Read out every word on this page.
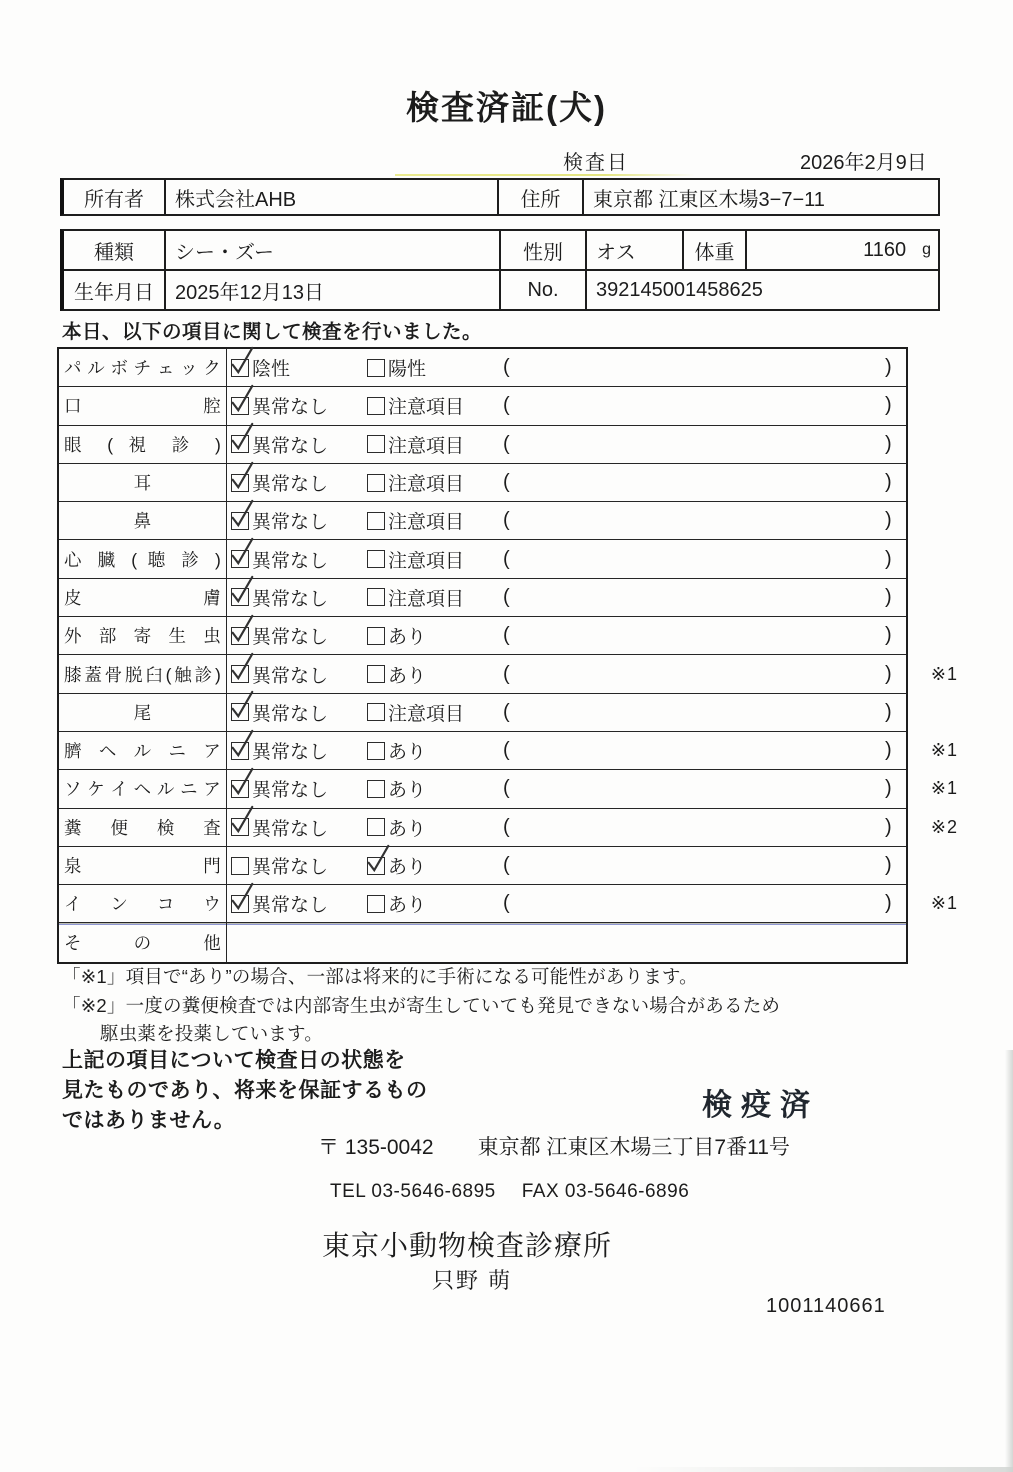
検査済証(犬)
検査日	2026年2月9日
所有者	株式会社AHB	住所	東京都 江東区木場3−7−11
種類	シー・ズー	性別	オス	体重	1160 g
生年月日	2025年12月13日	No.	392145001458625
本日、以下の項目に関して検査を行いました。
パ ル ボ チ ェ ッ ク 陰性	陽性	(	)
口 腔 異常なし	注意項目 (	)
眼 ( 視 診 ) 異常なし	注意項目 (	)
耳	異常なし	注意項目 (	)
鼻	異常なし	注意項目 (	)
心 臓 ( 聴 診 ) 異常なし	注意項目 (	)
皮 膚 異常なし	注意項目 (	)
外 部 寄 生 虫 異常なし	あり	(	)
膝蓋骨脱臼(触診) 異常なし	あり	(	) ※1
尾	異常なし	注意項目 (	)
臍 ヘ ル ニ ア 異常なし	あり	(	) ※1
ソ ケ イ ヘ ル ニ ア 異常なし	あり	(	) ※1
糞 便 検 査 異常なし	あり	(	) ※2
泉 門 異常なし	あり	(	)
イ ン コ ウ 異常なし	あり	(	) ※1
そ の 他
「※1」項目で“あり”の場合、一部は将来的に手術になる可能性があります。
「※2」一度の糞便検査では内部寄生虫が寄生していても発見できない場合があるため
駆虫薬を投薬しています。
上記の項目について検査日の状態を
見たものであり、将来を保証するもの
ではありません。	検疫済
〒 135-0042 東京都 江東区木場三丁目7番11号
TEL 03-5646-6895 FAX 03-5646-6896
東京小動物検査診療所
只野 萌
1001140661
